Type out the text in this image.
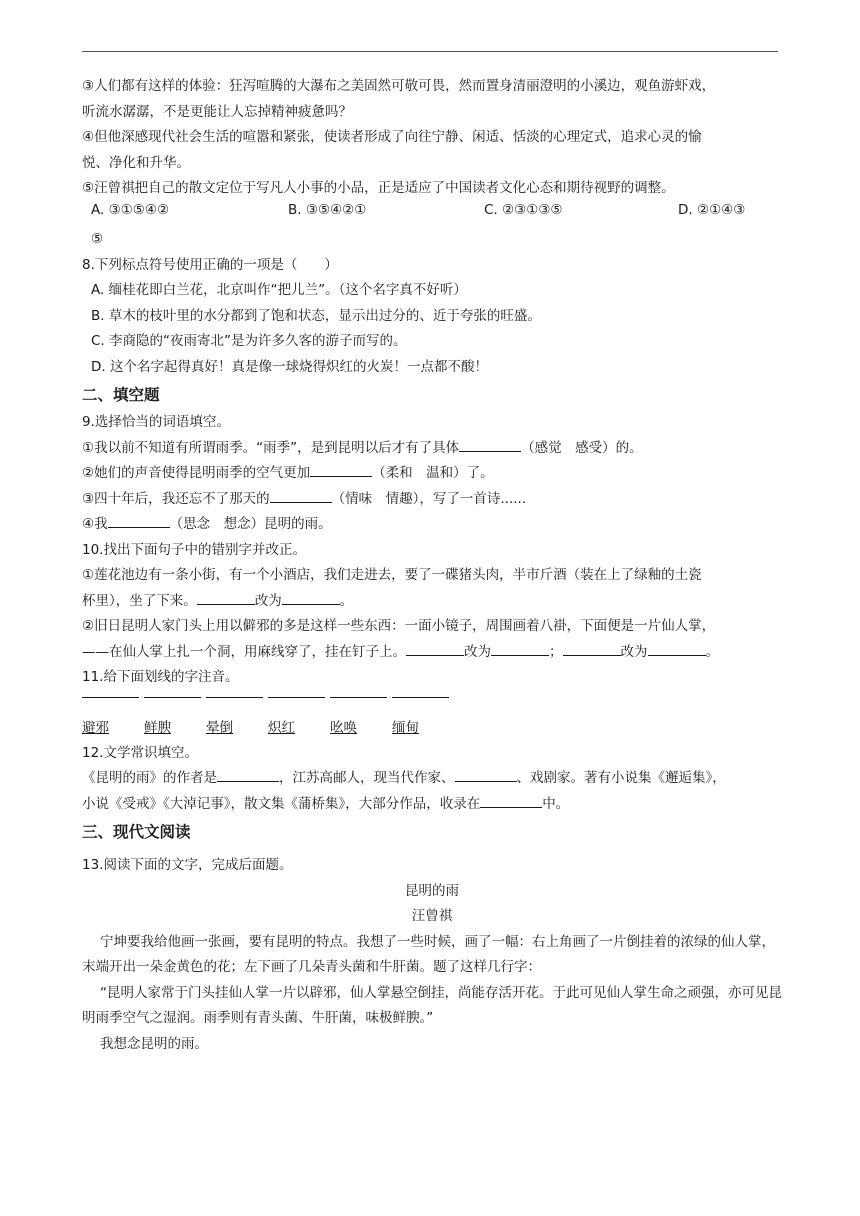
③人们都有这样的体验：狂泻喧腾的大瀑布之美固然可敬可畏，然而置身清丽澄明的小溪边，观鱼游虾戏，
听流水潺潺，不是更能让人忘掉精神疲惫吗？
④但他深感现代社会生活的喧嚣和紧张，使读者形成了向往宁静、闲适、恬淡的心理定式，追求心灵的愉
悦、净化和升华。
⑤汪曾祺把自己的散文定位于写凡人小事的小品，正是适应了中国读者文化心态和期待视野的调整。
A. ③①⑤④②	B. ③⑤④②①	C. ②③①③⑤	D. ②①④③
⑤
8.下列标点符号使用正确的一项是（　　）
A. 缅桂花即白兰花，北京叫作“把儿兰”。（这个名字真不好听）
B. 草木的枝叶里的水分都到了饱和状态，显示出过分的、近于夸张的旺盛。
C. 李商隐的“夜雨寄北”是为许多久客的游子而写的。
D. 这个名字起得真好！真是像一球烧得炽红的火炭！一点都不酸！
二、填空题
9.选择恰当的词语填空。
①我以前不知道有所谓雨季。“雨季”，是到昆明以后才有了具体	（感觉　感受）的。
②她们的声音使得昆明雨季的空气更加	（柔和　温和）了。
③四十年后，我还忘不了那天的	（情味　情趣），写了一首诗......
④我	（思念　想念）昆明的雨。
10.找出下面句子中的错别字并改正。
①莲花池边有一条小街，有一个小酒店，我们走进去，要了一碟猪头肉，半市斤酒（装在上了绿釉的土瓷
杯里），坐了下来。	改为	。
②旧日昆明人家门头上用以僻邪的多是这样一些东西：一面小镜子，周围画着八褂，下面便是一片仙人掌，
——在仙人掌上扎一个洞，用麻线穿了，挂在钉子上。	改为	；	改为	。
11.给下面划线的字注音。
避邪	鲜腴	晕倒	炽红	吆唤	缅甸
12.文学常识填空。
《昆明的雨》的作者是	，江苏高邮人，现当代作家、	、戏剧家。著有小说集《邂逅集》，
小说《受戒》《大淖记事》，散文集《蒲桥集》，大部分作品，收录在	中。
三、现代文阅读
13.阅读下面的文字，完成后面题。
昆明的雨
汪曾祺
宁坤要我给他画一张画，要有昆明的特点。我想了一些时候，画了一幅：右上角画了一片倒挂着的浓绿的仙人掌，末端开出一朵金黄色的花；左下画了几朵青头菌和牛肝菌。题了这样几行字：
“昆明人家常于门头挂仙人掌一片以辟邪，仙人掌悬空倒挂，尚能存活开花。于此可见仙人掌生命之顽强，亦可见昆明雨季空气之湿润。雨季则有青头菌、牛肝菌，味极鲜腴。”
我想念昆明的雨。
